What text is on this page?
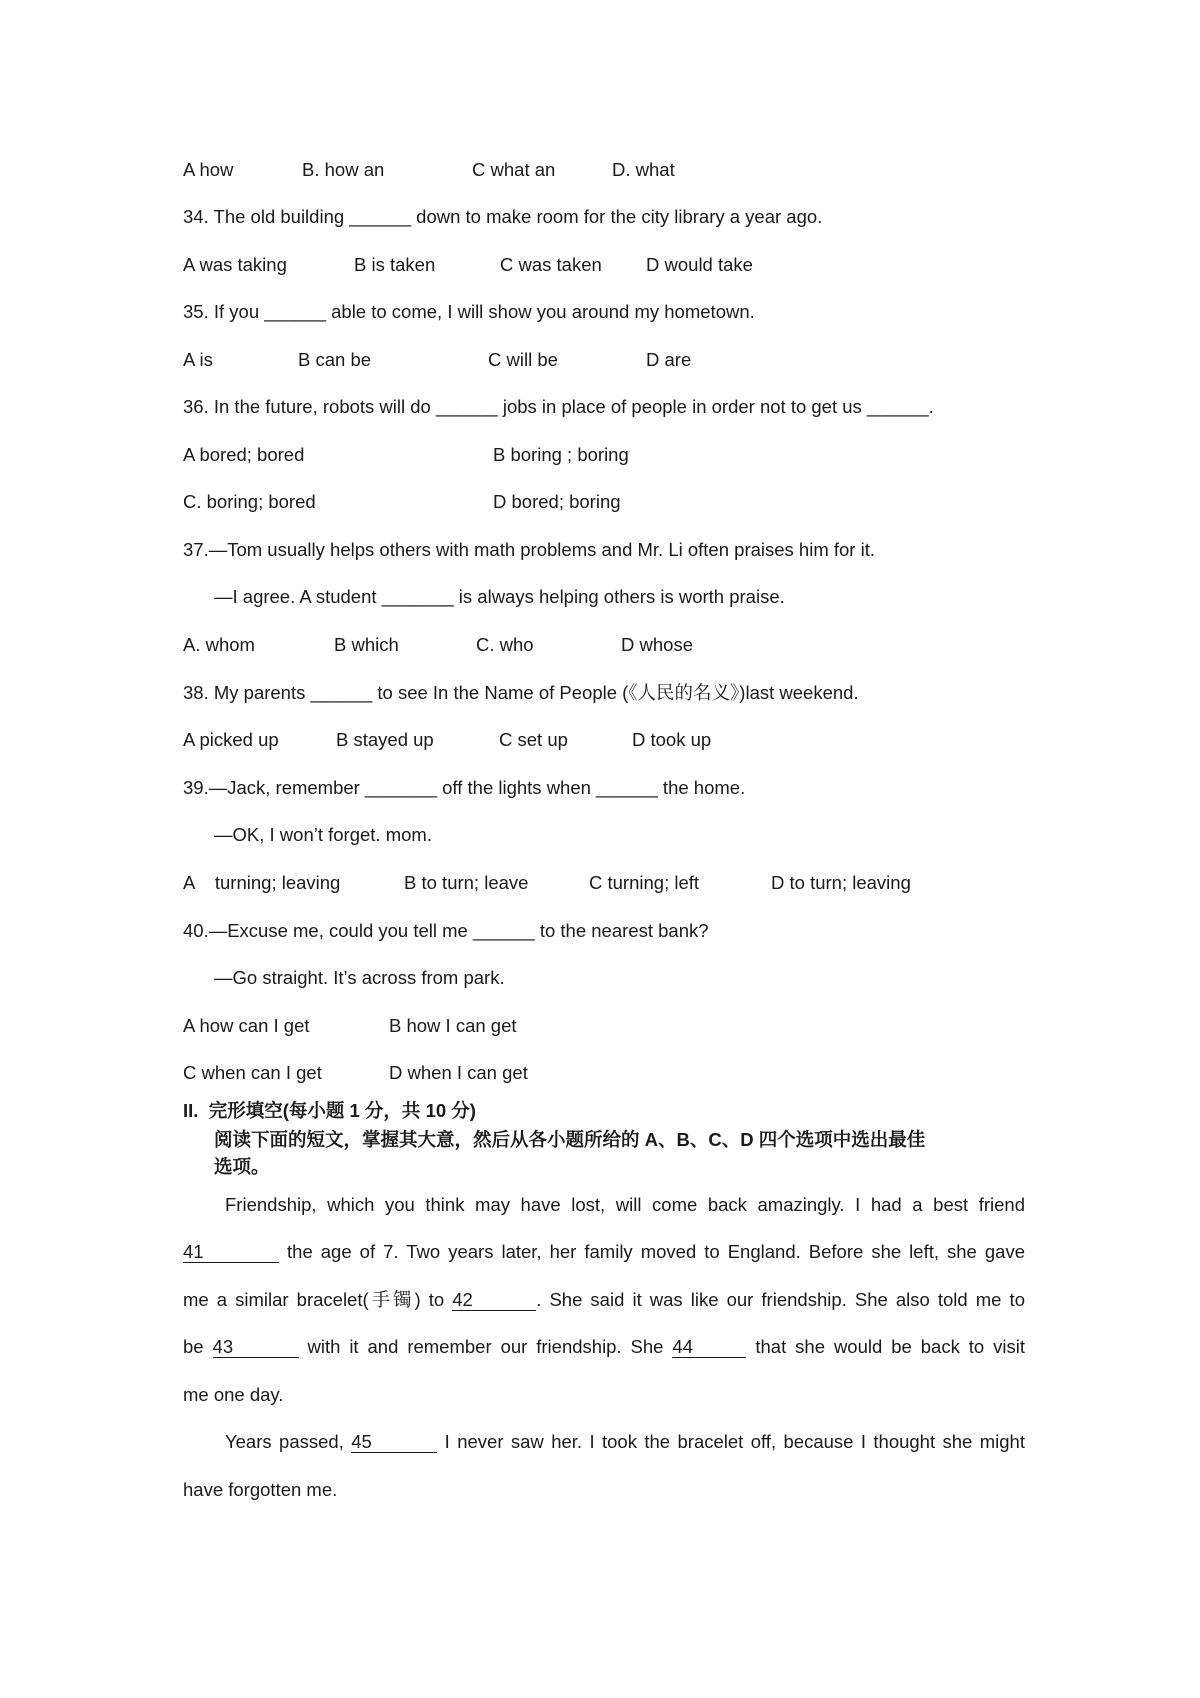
A how	B. how an	C what an	D. what
34. The old building ______ down to make room for the city library a year ago.
A was taking	B is taken	C was taken D would take
35. If you ______ able to come, I will show you around my hometown.
A is	B can be	C will be	D are
36. In the future, robots will do ______ jobs in place of people in order not to get us ______.
A bored; bored	B boring ; boring
C. boring; bored	D bored; boring
37.—Tom usually helps others with math problems and Mr. Li often praises him for it.
—I agree. A student _______ is always helping others is worth praise.
A. whom	B which	C. who	D whose
38. My parents ______ to see In the Name of People (《人民的名义》)last weekend.
A picked up	B stayed up	C set up	D took up
39.—Jack, remember _______ off the lights when ______ the home.
—OK, I won’t forget. mom.
A    turning; leaving	B to turn; leave	C turning; left	D to turn; leaving
40.—Excuse me, could you tell me ______ to the nearest bank?
—Go straight. It’s across from park.
A how can I get	B how I can get
C when can I get	D when I can get
II.  完形填空(每小题 1 分，共 10 分)
阅读下面的短文，掌握其大意，然后从各小题所给的 A、B、C、D 四个选项中选出最佳
选项。
Friendship, which you think may have lost, will come back amazingly. I had a best friend
41	the age of 7. Two years later, her family moved to England. Before she left, she gave
me a similar bracelet(手镯) to 42	. She said it was like our friendship. She also told me to
be 43	with it and remember our friendship. She 44	that she would be back to visit
me one day.
Years passed, 45	I never saw her. I took the bracelet off, because I thought she might
have forgotten me.
